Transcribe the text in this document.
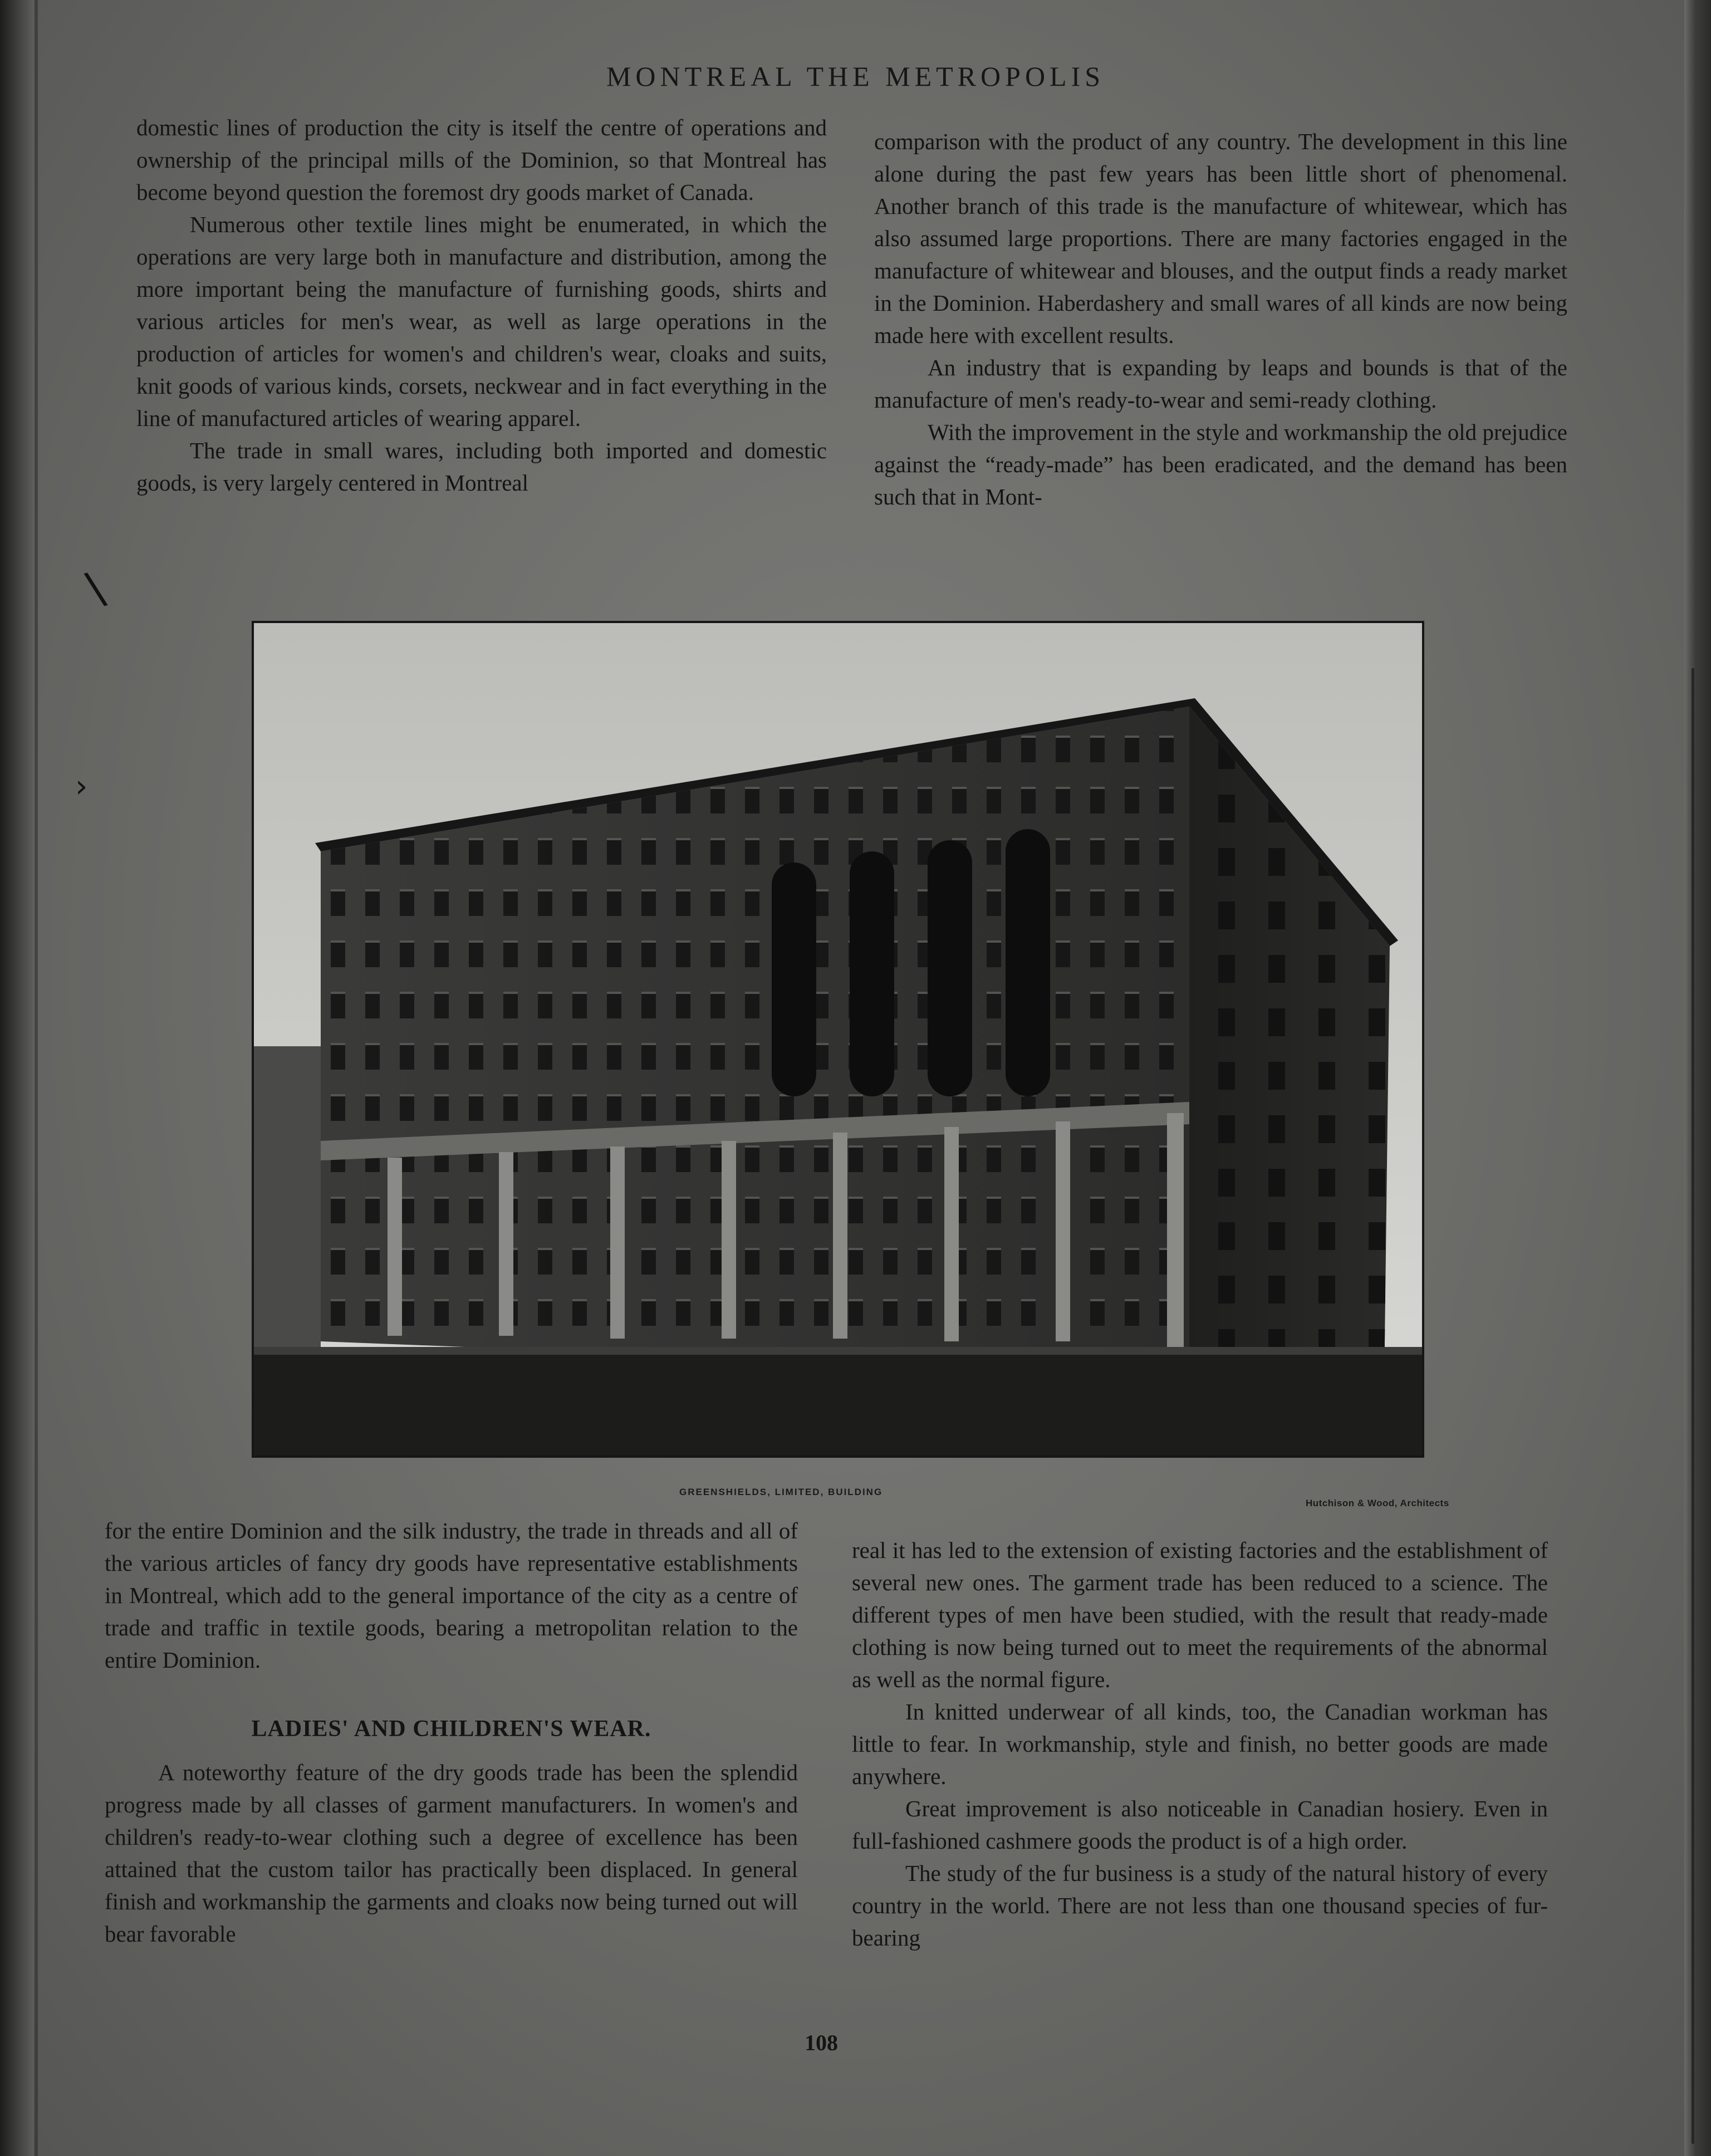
MONTREAL THE METROPOLIS

domestic lines of production the city is itself the centre of operations and ownership of the principal mills of the Dominion, so that Montreal has become beyond question the foremost dry goods market of Canada.

Numerous other textile lines might be enumerated, in which the operations are very large both in manufacture and distribution, among the more important being the manufacture of furnishing goods, shirts and various articles for men's wear, as well as large operations in the production of articles for women's and children's wear, cloaks and suits, knit goods of various kinds, corsets, neckwear and in fact everything in the line of manufactured articles of wearing apparel.

The trade in small wares, including both imported and domestic goods, is very largely centered in Montreal

comparison with the product of any country. The development in this line alone during the past few years has been little short of phenomenal. Another branch of this trade is the manufacture of whitewear, which has also assumed large proportions. There are many factories engaged in the manufacture of whitewear and blouses, and the output finds a ready market in the Dominion. Haberdashery and small wares of all kinds are now being made here with excellent results.

An industry that is expanding by leaps and bounds is that of the manufacture of men's ready-to-wear and semi-ready clothing.

With the improvement in the style and workmanship the old prejudice against the “ready-made” has been eradicated, and the demand has been such that in Mont-

GREENSHIELDS, LIMITED, BUILDING
Hutchison & Wood, Architects

for the entire Dominion and the silk industry, the trade in threads and all of the various articles of fancy dry goods have representative establishments in Montreal, which add to the general importance of the city as a centre of trade and traffic in textile goods, bearing a metropolitan relation to the entire Dominion.

LADIES' AND CHILDREN'S WEAR.

A noteworthy feature of the dry goods trade has been the splendid progress made by all classes of garment manufacturers. In women's and children's ready-to-wear clothing such a degree of excellence has been attained that the custom tailor has practically been displaced. In general finish and workmanship the garments and cloaks now being turned out will bear favorable

real it has led to the extension of existing factories and the establishment of several new ones. The garment trade has been reduced to a science. The different types of men have been studied, with the result that ready-made clothing is now being turned out to meet the requirements of the abnormal as well as the normal figure.

In knitted underwear of all kinds, too, the Canadian workman has little to fear. In workmanship, style and finish, no better goods are made anywhere.

Great improvement is also noticeable in Canadian hosiery. Even in full-fashioned cashmere goods the product is of a high order.

The study of the fur business is a study of the natural history of every country in the world. There are not less than one thousand species of fur-bearing

108
\
›
